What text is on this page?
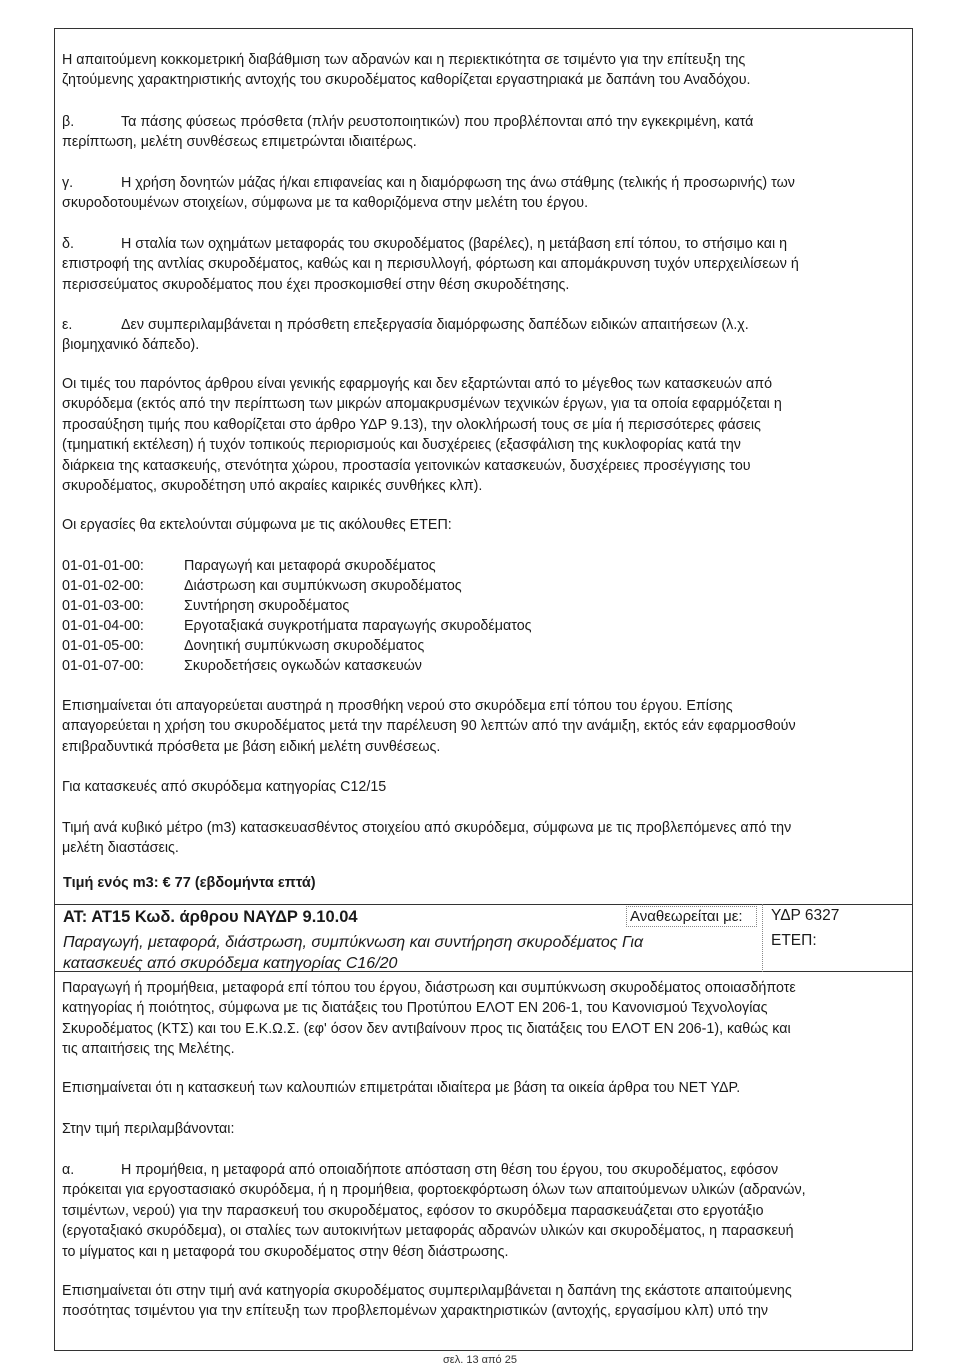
Η απαιτούμενη κοκκομετρική διαβάθμιση των αδρανών και η περιεκτικότητα σε τσιμέντο για την επίτευξη της
ζητούμενης χαρακτηριστικής αντοχής του σκυροδέματος καθορίζεται εργαστηριακά με δαπάνη του Αναδόχου.

β.	Τα πάσης φύσεως πρόσθετα (πλήν ρευστοποιητικών) που προβλέπονται από την εγκεκριμένη, κατά
περίπτωση, μελέτη συνθέσεως επιμετρώνται ιδιαιτέρως.

γ.	Η χρήση δονητών μάζας ή/και επιφανείας και η διαμόρφωση της άνω στάθμης (τελικής ή προσωρινής) των
σκυροδοτουμένων στοιχείων, σύμφωνα με τα καθοριζόμενα στην μελέτη του έργου.

δ.	Η σταλία των οχημάτων μεταφοράς του σκυροδέματος (βαρέλες), η μετάβαση επί τόπου, το στήσιμο και η
επιστροφή της αντλίας σκυροδέματος, καθώς και η περισυλλογή, φόρτωση και απομάκρυνση τυχόν υπερχειλίσεων ή
περισσεύματος σκυροδέματος που έχει προσκομισθεί στην θέση σκυροδέτησης.

ε.	Δεν συμπεριλαμβάνεται η πρόσθετη επεξεργασία διαμόρφωσης δαπέδων ειδικών απαιτήσεων (λ.χ.
βιομηχανικό δάπεδο).

Οι τιμές του παρόντος άρθρου είναι γενικής εφαρμογής και δεν εξαρτώνται από το μέγεθος των κατασκευών από
σκυρόδεμα (εκτός από την περίπτωση των μικρών απομακρυσμένων τεχνικών έργων, για τα οποία εφαρμόζεται η
προσαύξηση τιμής που καθορίζεται στο άρθρο ΥΔΡ 9.13), την ολοκλήρωσή τους σε μία ή περισσότερες φάσεις
(τμηματική εκτέλεση) ή τυχόν τοπικούς περιορισμούς και δυσχέρειες (εξασφάλιση της κυκλοφορίας κατά την
διάρκεια της κατασκευής, στενότητα χώρου, προστασία γειτονικών κατασκευών, δυσχέρειες προσέγγισης του
σκυροδέματος, σκυροδέτηση υπό ακραίες καιρικές συνθήκες κλπ).

Οι εργασίες θα εκτελούνται σύμφωνα με τις ακόλουθες ΕΤΕΠ:

01-01-01-00:	Παραγωγή και μεταφορά σκυροδέματος
01-01-02-00:	Διάστρωση και συμπύκνωση σκυροδέματος
01-01-03-00:	Συντήρηση σκυροδέματος
01-01-04-00:	Εργοταξιακά συγκροτήματα παραγωγής σκυροδέματος
01-01-05-00:	Δονητική συμπύκνωση σκυροδέματος
01-01-07-00:	Σκυροδετήσεις ογκωδών κατασκευών

Επισημαίνεται ότι απαγορεύεται αυστηρά η προσθήκη νερού στο σκυρόδεμα επί τόπου του έργου. Επίσης
απαγορεύεται η χρήση του σκυροδέματος μετά την παρέλευση 90 λεπτών από την ανάμιξη, εκτός εάν εφαρμοσθούν
επιβραδυντικά πρόσθετα με βάση ειδική μελέτη συνθέσεως.

Για κατασκευές από σκυρόδεμα κατηγορίας C12/15

Τιμή ανά κυβικό μέτρο (m3) κατασκευασθέντος στοιχείου από σκυρόδεμα, σύμφωνα με τις προβλεπόμενες από την
μελέτη διαστάσεις.

Τιμή ενός m3: € 77 (εβδομήντα επτά)
ΑΤ: ΑΤ15 Κωδ. άρθρου ΝΑΥΔΡ 9.10.04
Παραγωγή, μεταφορά, διάστρωση, συμπύκνωση και συντήρηση σκυροδέματος Για
κατασκευές από σκυρόδεμα κατηγορίας C16/20
Αναθεωρείται με:	ΥΔΡ 6327
ΕΤΕΠ:

Παραγωγή ή προμήθεια, μεταφορά επί τόπου του έργου, διάστρωση και συμπύκνωση σκυροδέματος οποιασδήποτε
κατηγορίας ή ποιότητος, σύμφωνα με τις διατάξεις του Προτύπου ΕΛΟΤ ΕΝ 206-1, του Κανονισμού Τεχνολογίας
Σκυροδέματος (ΚΤΣ) και του Ε.Κ.Ω.Σ. (εφ' όσον δεν αντιβαίνουν προς τις διατάξεις του ΕΛΟΤ ΕΝ 206-1), καθώς και
τις απαιτήσεις της Μελέτης.

Επισημαίνεται ότι η κατασκευή των καλουπιών επιμετράται ιδιαίτερα με βάση τα οικεία άρθρα του ΝΕΤ ΥΔΡ.

Στην τιμή περιλαμβάνονται:

α.	Η προμήθεια, η μεταφορά από οποιαδήποτε απόσταση στη θέση του έργου, του σκυροδέματος, εφόσον
πρόκειται για εργοστασιακό σκυρόδεμα, ή η προμήθεια, φορτοεκφόρτωση όλων των απαιτούμενων υλικών (αδρανών,
τσιμέντων, νερού) για την παρασκευή του σκυροδέματος, εφόσον το σκυρόδεμα παρασκευάζεται στο εργοτάξιο
(εργοταξιακό σκυρόδεμα), οι σταλίες των αυτοκινήτων μεταφοράς αδρανών υλικών και σκυροδέματος, η παρασκευή
το μίγματος και η μεταφορά του σκυροδέματος στην θέση διάστρωσης.

Επισημαίνεται ότι στην τιμή ανά κατηγορία σκυροδέματος συμπεριλαμβάνεται η δαπάνη της εκάστοτε απαιτούμενης
ποσότητας τσιμέντου για την επίτευξη των προβλεπομένων χαρακτηριστικών (αντοχής, εργασίμου κλπ) υπό την

σελ. 13 από 25
